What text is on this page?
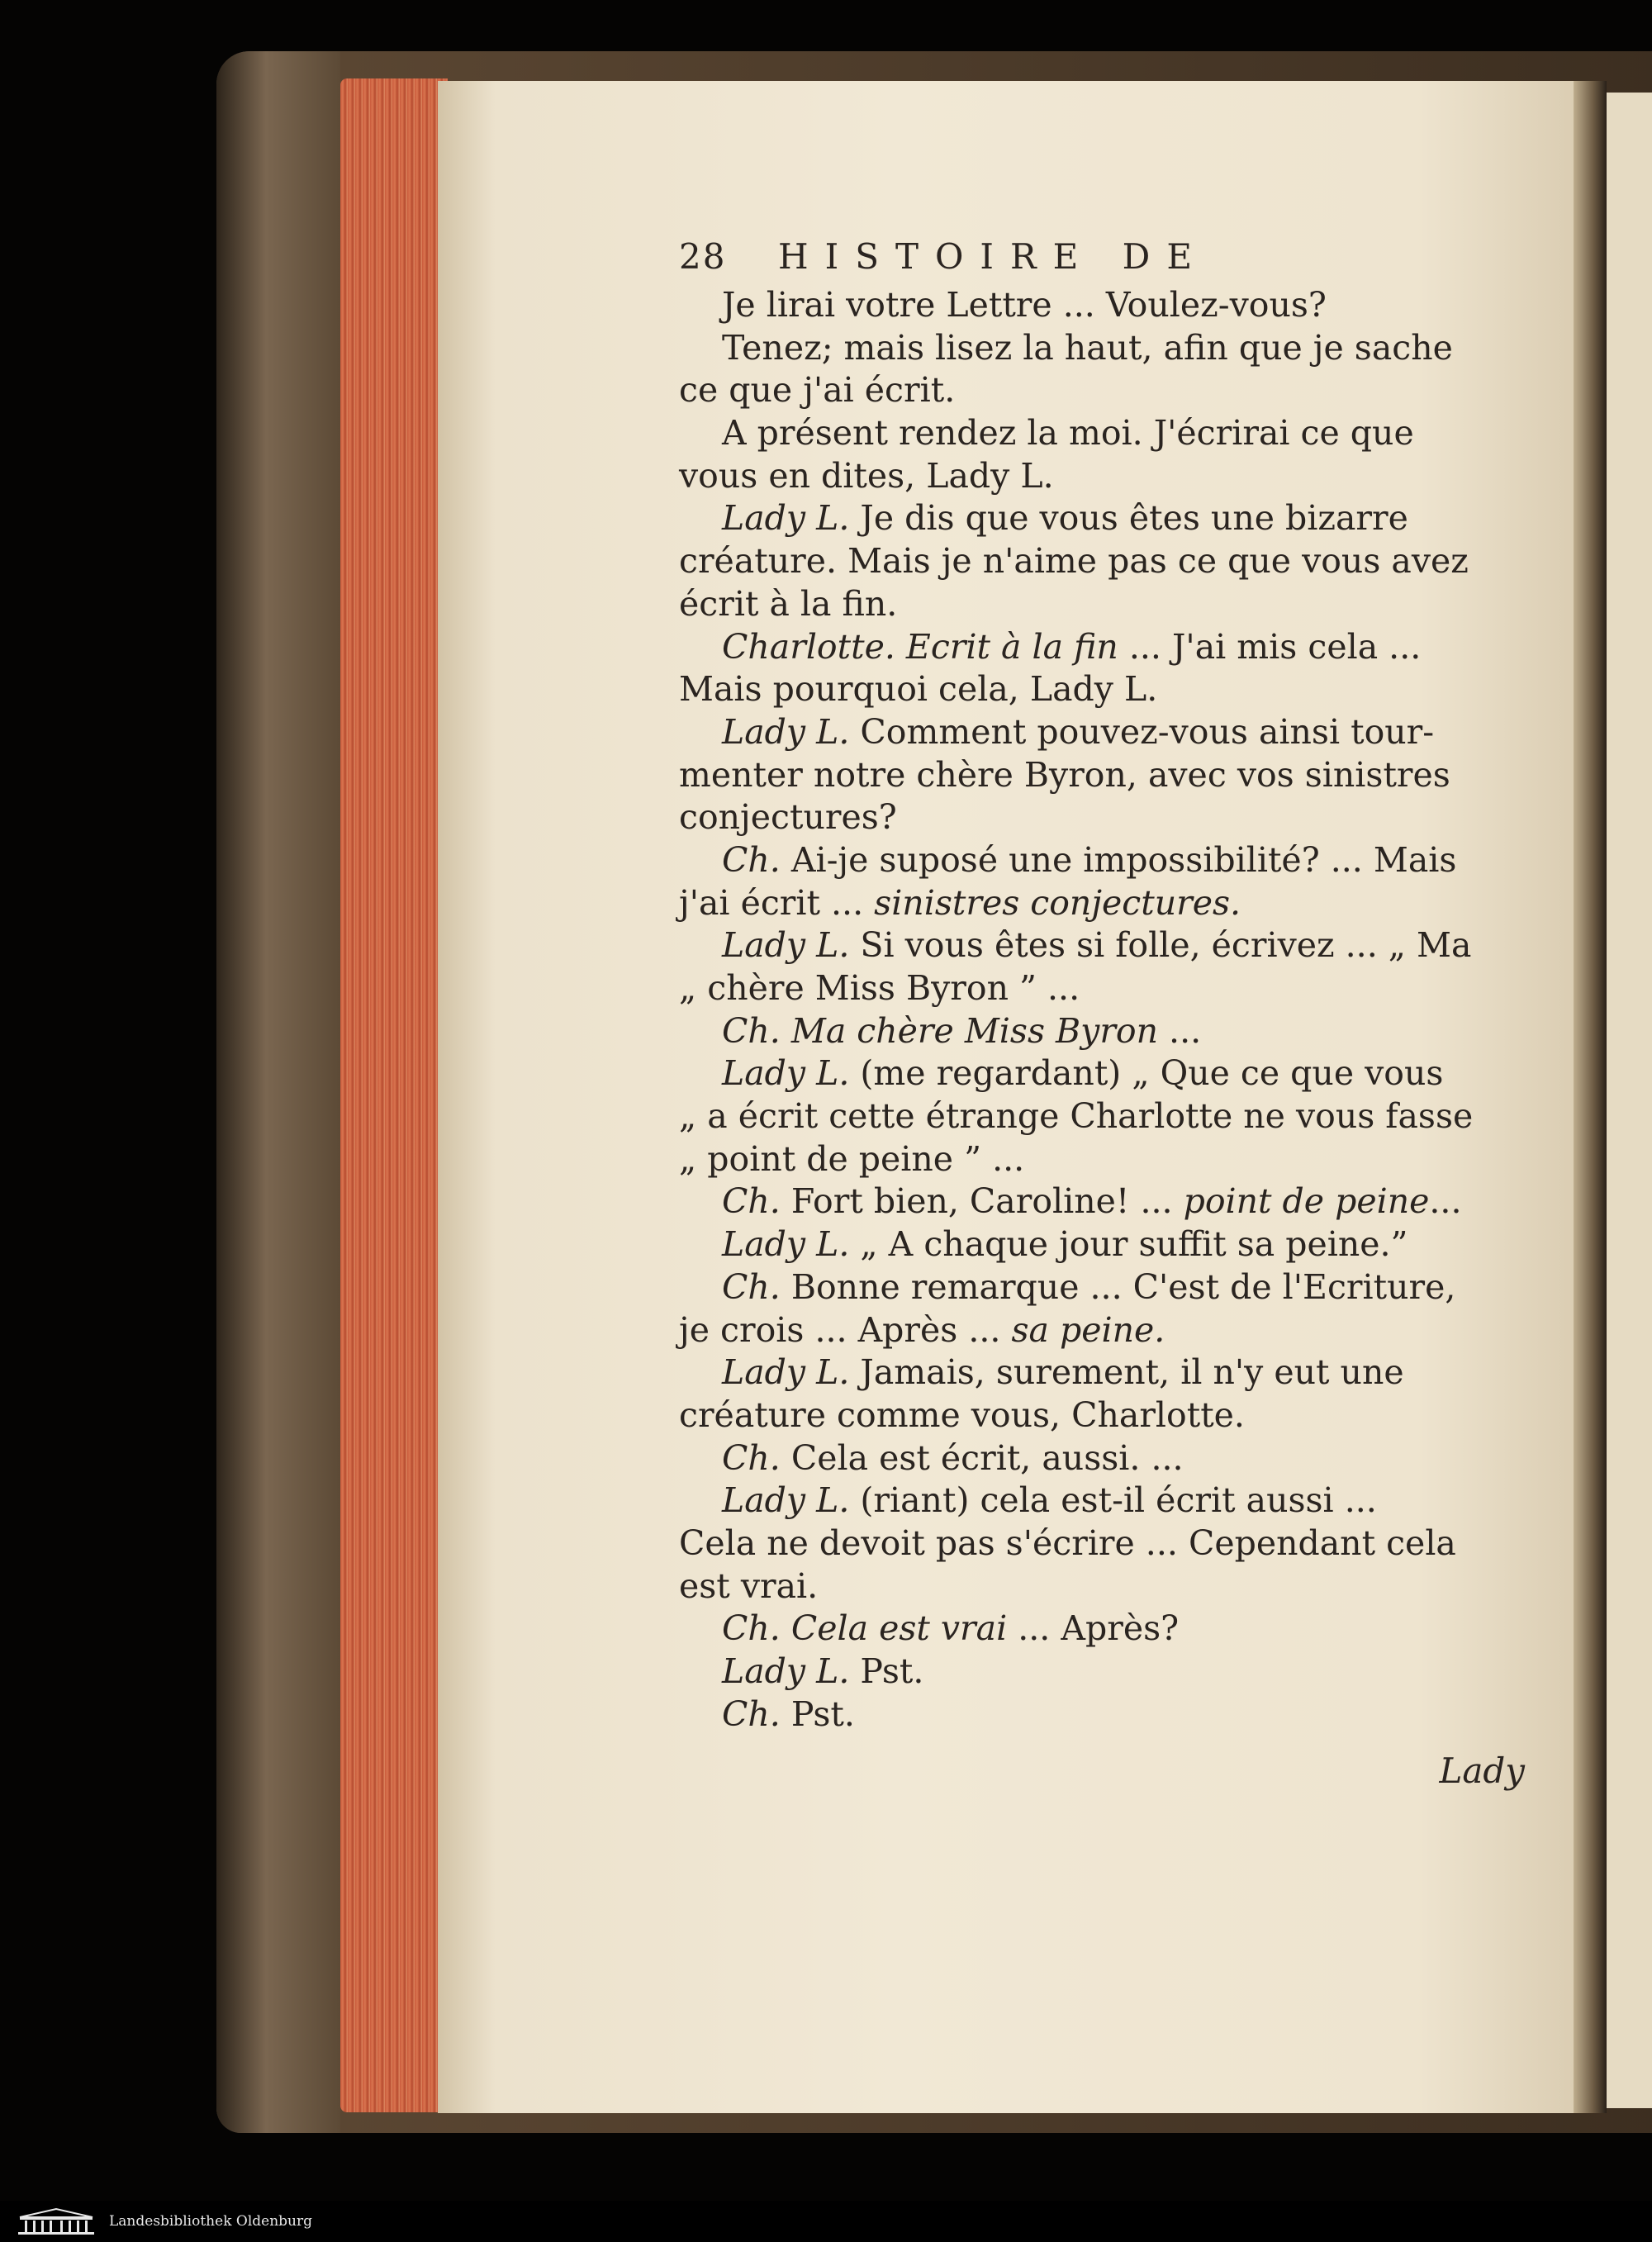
28 HISTOIRE DE
Je lirai votre Lettre ... Voulez-vous?
Tenez; mais lisez la haut, afin que je sache
ce que j'ai écrit.
A présent rendez la moi. J'écrirai ce que
vous en dites, Lady L.
Lady L. Je dis que vous êtes une bizarre
créature. Mais je n'aime pas ce que vous avez
écrit à la fin.
Charlotte. Ecrit à la fin ... J'ai mis cela ...
Mais pourquoi cela, Lady L.
Lady L. Comment pouvez-vous ainsi tour-
menter notre chère Byron, avec vos sinistres
conjectures?
Ch. Ai-je suposé une impossibilité? ... Mais
j'ai écrit ... sinistres conjectures.
Lady L. Si vous êtes si folle, écrivez ... „ Ma
„ chère Miss Byron ” ...
Ch. Ma chère Miss Byron ...
Lady L. (me regardant) „ Que ce que vous
„ a écrit cette étrange Charlotte ne vous fasse
„ point de peine ” ...
Ch. Fort bien, Caroline! ... point de peine...
Lady L. „ A chaque jour suffit sa peine.”
Ch. Bonne remarque ... C'est de l'Ecriture,
je crois ... Après ... sa peine.
Lady L. Jamais, surement, il n'y eut une
créature comme vous, Charlotte.
Ch. Cela est écrit, aussi. ...
Lady L. (riant) cela est-il écrit aussi ...
Cela ne devoit pas s'écrire ... Cependant cela
est vrai.
Ch. Cela est vrai ... Après?
Lady L. Pst.
Ch. Pst.
Lady
Landesbibliothek Oldenburg
